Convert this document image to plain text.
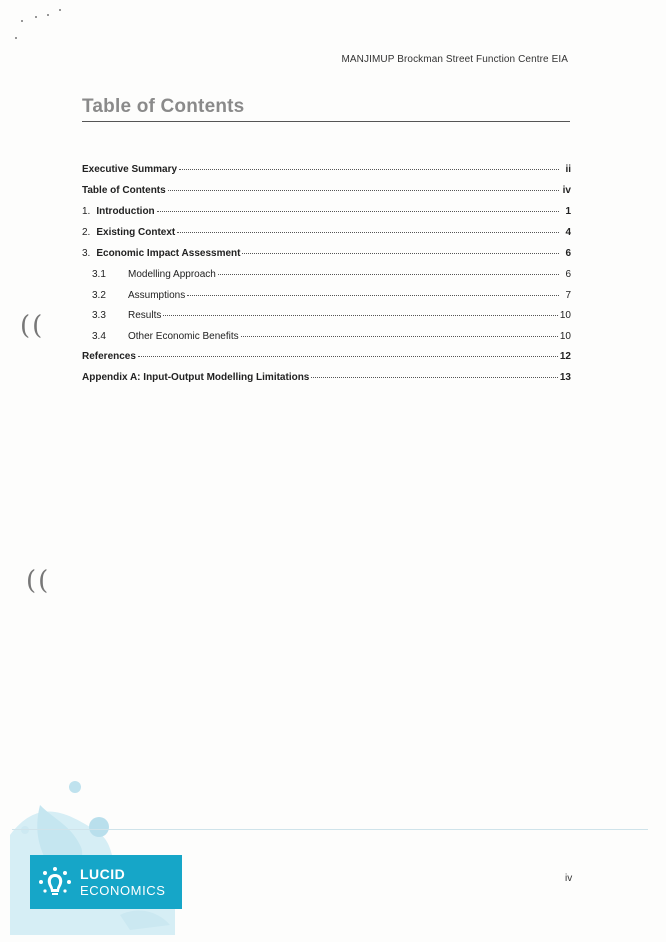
MANJIMUP Brockman Street Function Centre EIA
Table of Contents
Executive Summary	ii
Table of Contents	iv
1. Introduction	1
2. Existing Context	4
3. Economic Impact Assessment	6
3.1	Modelling Approach	6
3.2	Assumptions	7
3.3	Results	10
3.4	Other Economic Benefits	10
References	12
Appendix A: Input-Output Modelling Limitations	13
((
((
LUCID
ECONOMICS
iv
